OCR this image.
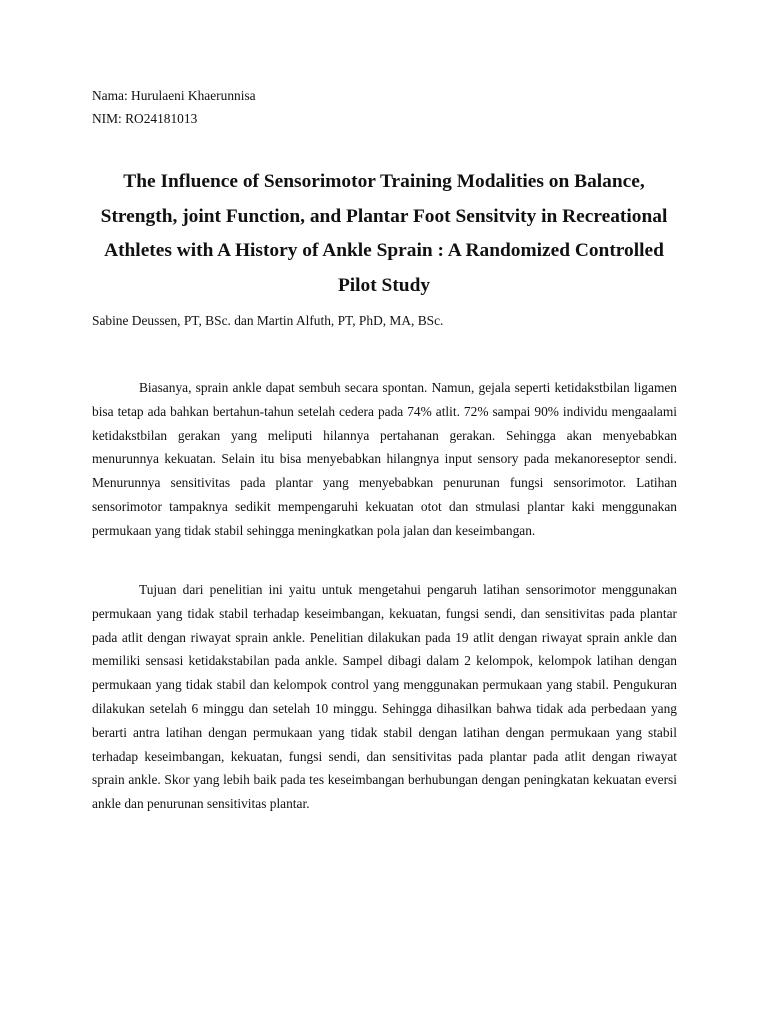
Nama: Hurulaeni Khaerunnisa
NIM: RO24181013
The Influence of Sensorimotor Training Modalities on Balance, Strength, joint Function, and Plantar Foot Sensitvity in Recreational Athletes with A History of Ankle Sprain : A Randomized Controlled Pilot Study
Sabine Deussen, PT, BSc. dan Martin Alfuth, PT, PhD, MA, BSc.

Biasanya, sprain ankle dapat sembuh secara spontan. Namun, gejala seperti ketidakstbilan ligamen bisa tetap ada bahkan bertahun-tahun setelah cedera pada 74% atlit. 72% sampai 90% individu mengaalami ketidakstbilan gerakan yang meliputi hilannya pertahanan gerakan. Sehingga akan menyebabkan menurunnya kekuatan. Selain itu bisa menyebabkan hilangnya input sensory pada mekanoreseptor sendi. Menurunnya sensitivitas pada plantar yang menyebabkan penurunan fungsi sensorimotor. Latihan sensorimotor tampaknya sedikit mempengaruhi kekuatan otot dan stmulasi plantar kaki menggunakan permukaan yang tidak stabil sehingga meningkatkan pola jalan dan keseimbangan.

Tujuan dari penelitian ini yaitu untuk mengetahui pengaruh latihan sensorimotor menggunakan permukaan yang tidak stabil terhadap keseimbangan, kekuatan, fungsi sendi, dan sensitivitas pada plantar pada atlit dengan riwayat sprain ankle. Penelitian dilakukan pada 19 atlit dengan riwayat sprain ankle dan memiliki sensasi ketidakstabilan pada ankle. Sampel dibagi dalam 2 kelompok, kelompok latihan dengan permukaan yang tidak stabil dan kelompok control yang menggunakan permukaan yang stabil. Pengukuran dilakukan setelah 6 minggu dan setelah 10 minggu. Sehingga dihasilkan bahwa tidak ada perbedaan yang berarti antra latihan dengan permukaan yang tidak stabil dengan latihan dengan permukaan yang stabil terhadap keseimbangan, kekuatan, fungsi sendi, dan sensitivitas pada plantar pada atlit dengan riwayat sprain ankle. Skor yang lebih baik pada tes keseimbangan berhubungan dengan peningkatan kekuatan eversi ankle dan penurunan sensitivitas plantar.
